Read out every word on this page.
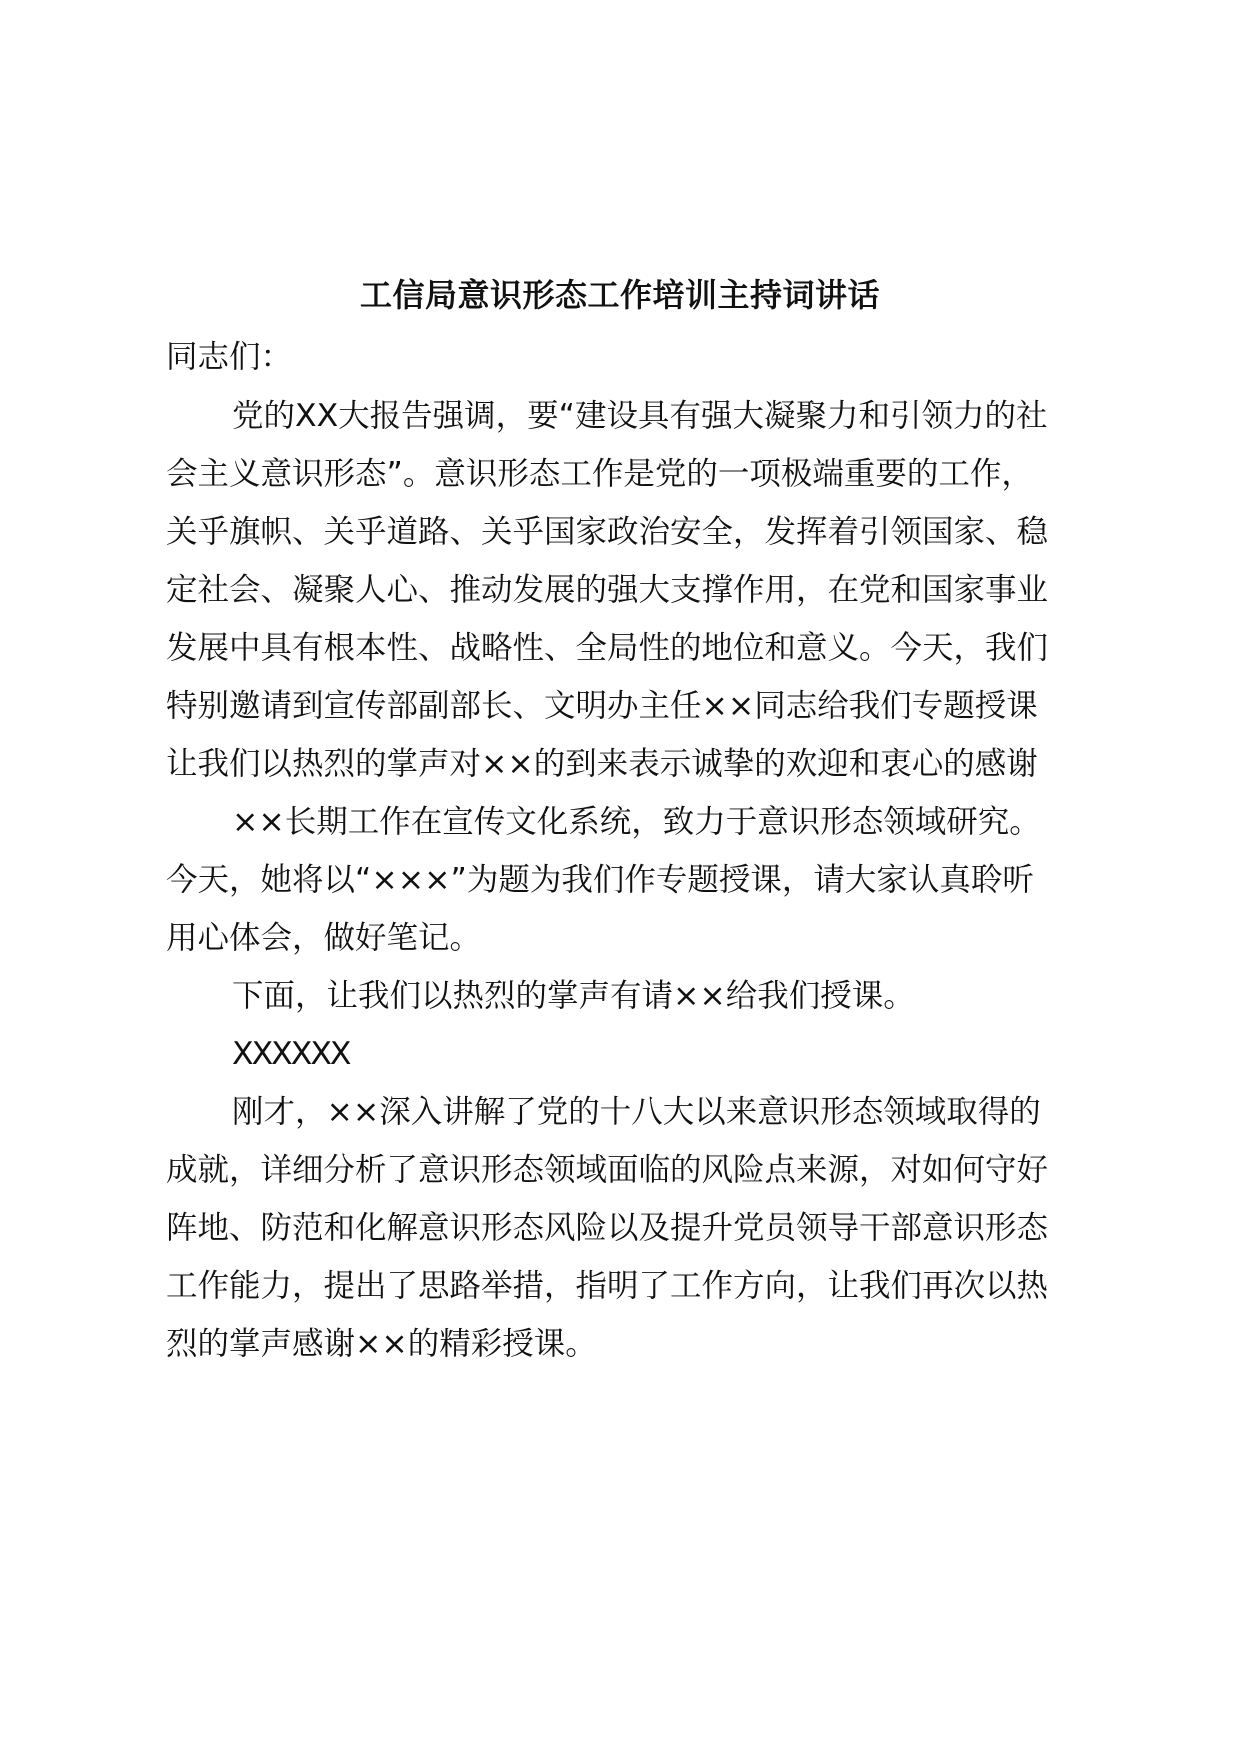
工信局意识形态工作培训主持词讲话
同志们：
党的XX大报告强调，要“建设具有强大凝聚力和引领力的社
会主义意识形态”。意识形态工作是党的一项极端重要的工作，
关乎旗帜、关乎道路、关乎国家政治安全，发挥着引领国家、稳
定社会、凝聚人心、推动发展的强大支撑作用，在党和国家事业
发展中具有根本性、战略性、全局性的地位和意义。今天，我们
特别邀请到宣传部副部长、文明办主任××同志给我们专题授课
让我们以热烈的掌声对××的到来表示诚挚的欢迎和衷心的感谢
××长期工作在宣传文化系统，致力于意识形态领域研究。
今天，她将以“×××”为题为我们作专题授课，请大家认真聆听
用心体会，做好笔记。
下面，让我们以热烈的掌声有请××给我们授课。
XXXXXX
刚才，××深入讲解了党的十八大以来意识形态领域取得的
成就，详细分析了意识形态领域面临的风险点来源，对如何守好
阵地、防范和化解意识形态风险以及提升党员领导干部意识形态
工作能力，提出了思路举措，指明了工作方向，让我们再次以热
烈的掌声感谢××的精彩授课。
